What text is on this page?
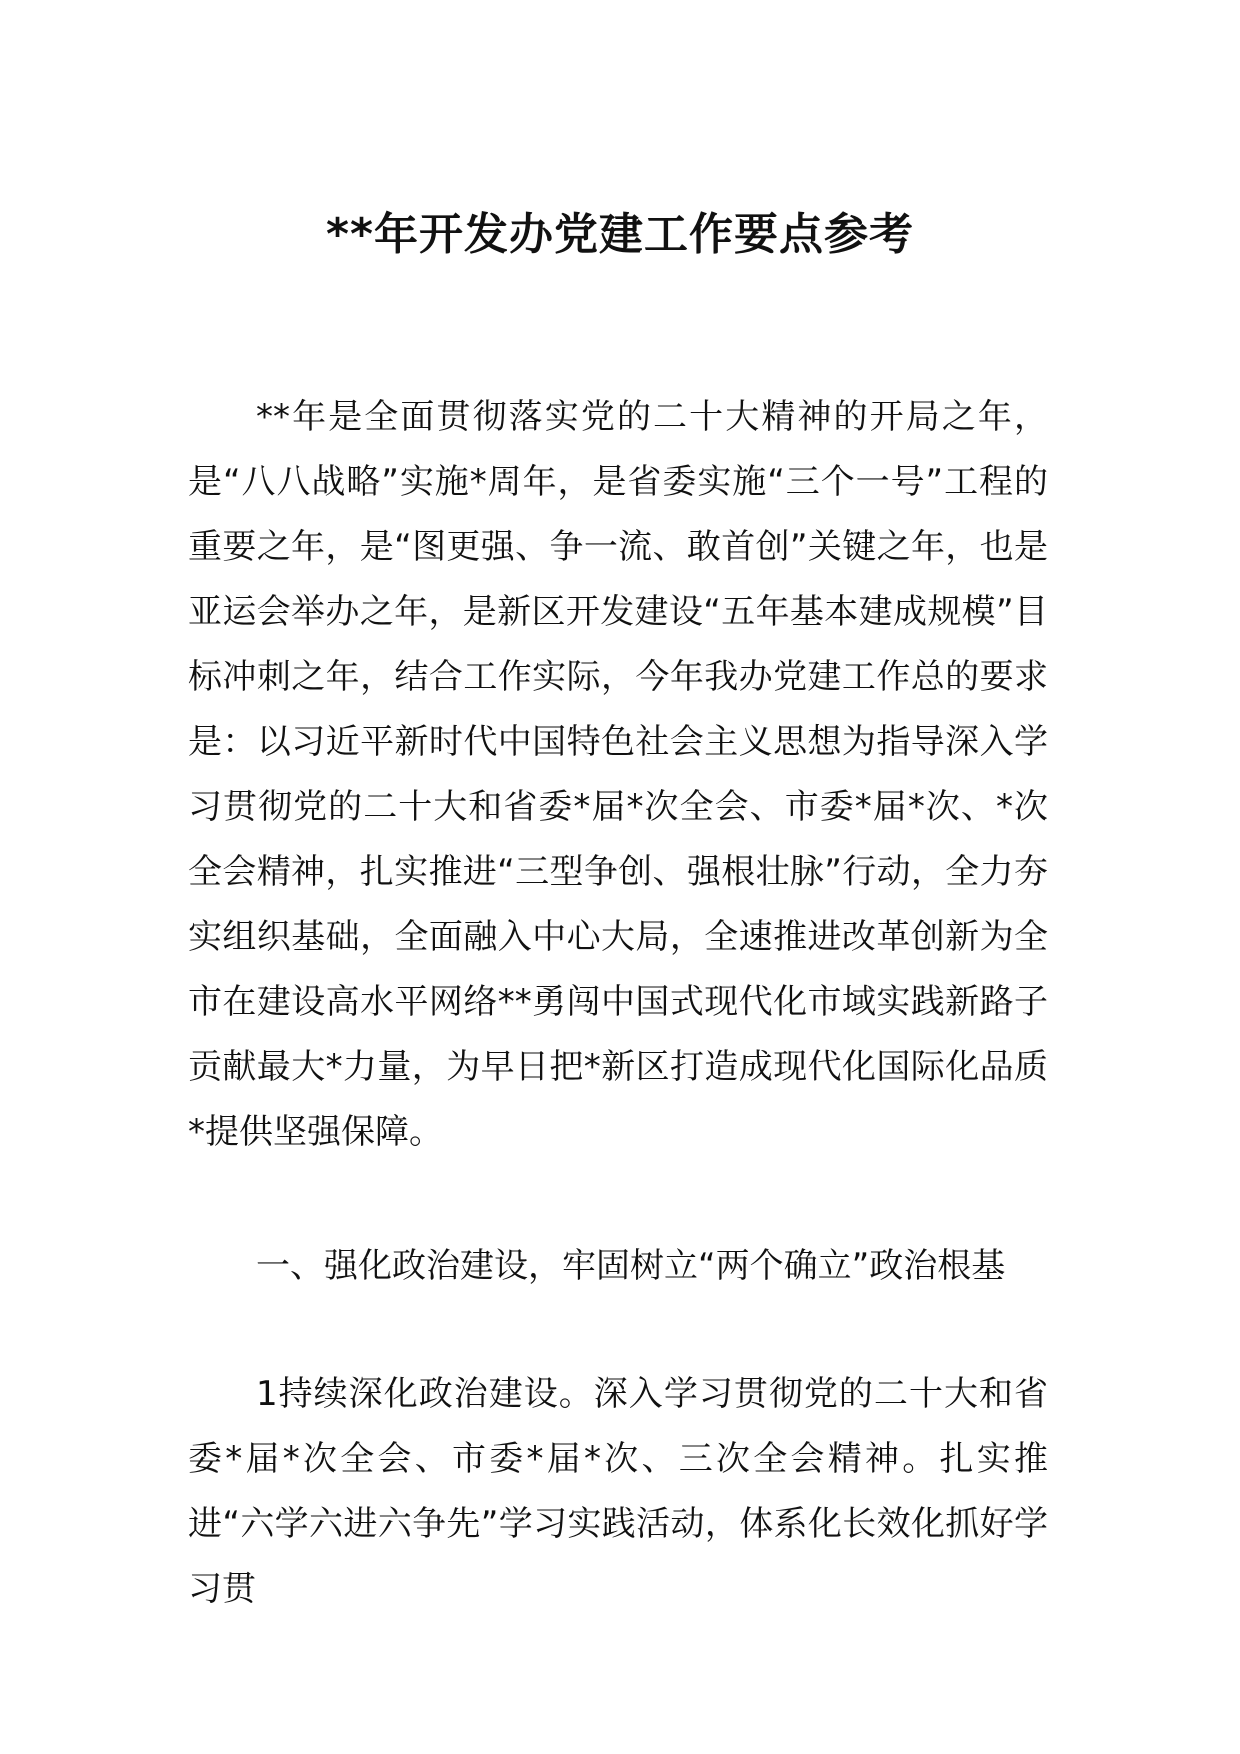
**年开发办党建工作要点参考

**年是全面贯彻落实党的二十大精神的开局之年，是“八八战略”实施*周年，是省委实施“三个一号”工程的重要之年，是“图更强、争一流、敢首创”关键之年，也是亚运会举办之年，是新区开发建设“五年基本建成规模”目标冲刺之年，结合工作实际，今年我办党建工作总的要求是：以习近平新时代中国特色社会主义思想为指导深入学习贯彻党的二十大和省委*届*次全会、市委*届*次、*次全会精神，扎实推进“三型争创、强根壮脉”行动，全力夯实组织基础，全面融入中心大局，全速推进改革创新为全市在建设高水平网络**勇闯中国式现代化市域实践新路子贡献最大*力量，为早日把*新区打造成现代化国际化品质*提供坚强保障。

一、强化政治建设，牢固树立“两个确立”政治根基

1持续深化政治建设。深入学习贯彻党的二十大和省委*届*次全会、市委*届*次、三次全会精神。扎实推进“六学六进六争先”学习实践活动，体系化长效化抓好学习贯
